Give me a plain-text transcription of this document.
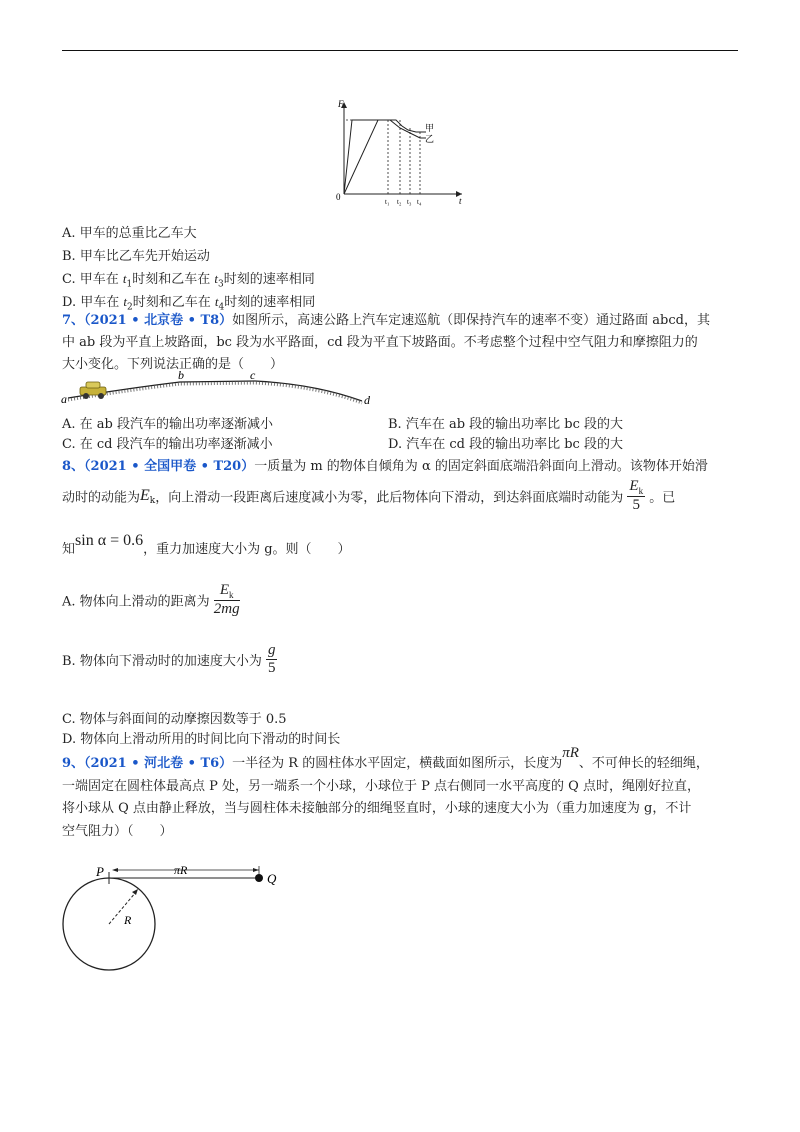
F
0	t
甲
乙
t₁ t₂ t₃ t₄
A. 甲车的总重比乙车大
B. 甲车比乙车先开始运动
C. 甲车在 $t_1$时刻和乙车在 $t_3$时刻的速率相同
D. 甲车在 $t_2$时刻和乙车在 $t_4$时刻的速率相同
7、（2021 • 北京卷 • T8）如图所示，高速公路上汽车定速巡航（即保持汽车的速率不变）通过路面 abcd，其
中 ab 段为平直上坡路面，bc 段为水平路面，cd 段为平直下坡路面。不考虑整个过程中空气阻力和摩擦阻力的
大小变化。下列说法正确的是（　　）
a
b	c
d
A. 在 ab 段汽车的输出功率逐渐减小	B. 汽车在 ab 段的输出功率比 bc 段的大
C. 在 cd 段汽车的输出功率逐渐减小	D. 汽车在 cd 段的输出功率比 bc 段的大
8、（2021 • 全国甲卷 • T20）一质量为 m 的物体自倾角为 α 的固定斜面底端沿斜面向上滑动。该物体开始滑
动时的动能为$E_k$，向上滑动一段距离后速度减小为零，此后物体向下滑动，到达斜面底端时动能为 $\frac{E_k}{5}$ 。已
知sin α = 0.6，重力加速度大小为 g。则（　　）
A. 物体向上滑动的距离为 $\frac{E_k}{2mg}$
B. 物体向下滑动时的加速度大小为 $\frac{g}{5}$
C. 物体与斜面间的动摩擦因数等于 0.5
D. 物体向上滑动所用的时间比向下滑动的时间长
9、（2021 • 河北卷 • T6）一半径为 R 的圆柱体水平固定，横截面如图所示，长度为πR、不可伸长的轻细绳，
一端固定在圆柱体最高点 P 处，另一端系一个小球，小球位于 P 点右侧同一水平高度的 Q 点时，绳刚好拉直，
将小球从 Q 点由静止释放，当与圆柱体未接触部分的细绳竖直时，小球的速度大小为（重力加速度为 g，不计
空气阻力）（　　）
P	πR
Q
R
